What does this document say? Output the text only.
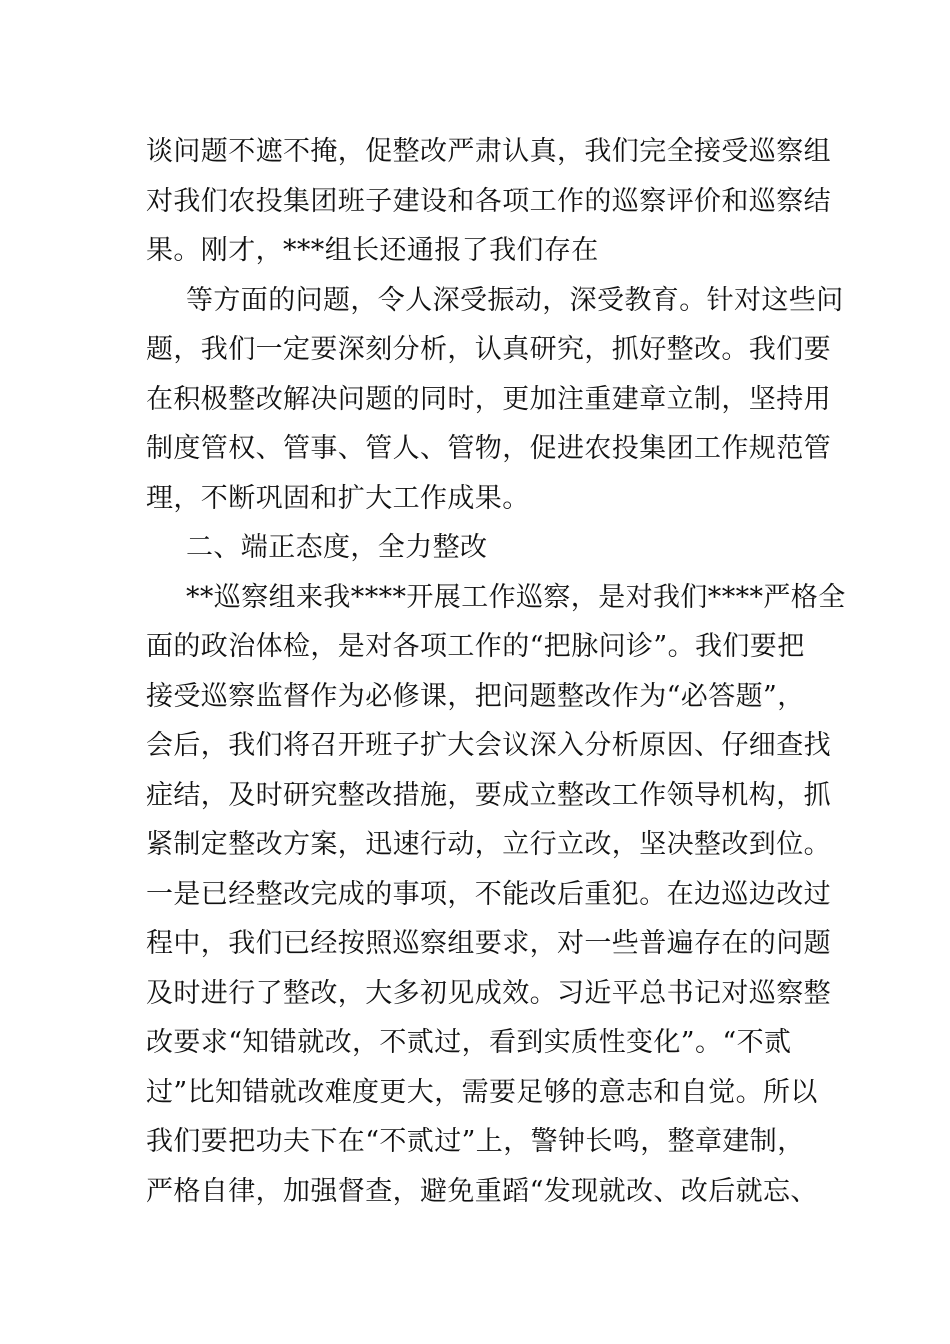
谈问题不遮不掩，促整改严肃认真，我们完全接受巡察组
对我们农投集团班子建设和各项工作的巡察评价和巡察结
果。刚才，***组长还通报了我们存在
等方面的问题，令人深受振动，深受教育。针对这些问
题，我们一定要深刻分析，认真研究，抓好整改。我们要
在积极整改解决问题的同时，更加注重建章立制，坚持用
制度管权、管事、管人、管物，促进农投集团工作规范管
理，不断巩固和扩大工作成果。
二、端正态度，全力整改
**巡察组来我****开展工作巡察，是对我们****严格全
面的政治体检，是对各项工作的“把脉问诊”。我们要把
接受巡察监督作为必修课，把问题整改作为“必答题”，
会后，我们将召开班子扩大会议深入分析原因、仔细查找
症结，及时研究整改措施，要成立整改工作领导机构，抓
紧制定整改方案，迅速行动，立行立改，坚决整改到位。
一是已经整改完成的事项，不能改后重犯。在边巡边改过
程中，我们已经按照巡察组要求，对一些普遍存在的问题
及时进行了整改，大多初见成效。习近平总书记对巡察整
改要求“知错就改，不贰过，看到实质性变化”。“不贰
过”比知错就改难度更大，需要足够的意志和自觉。所以
我们要把功夫下在“不贰过”上，警钟长鸣，整章建制，
严格自律，加强督查，避免重蹈“发现就改、改后就忘、
